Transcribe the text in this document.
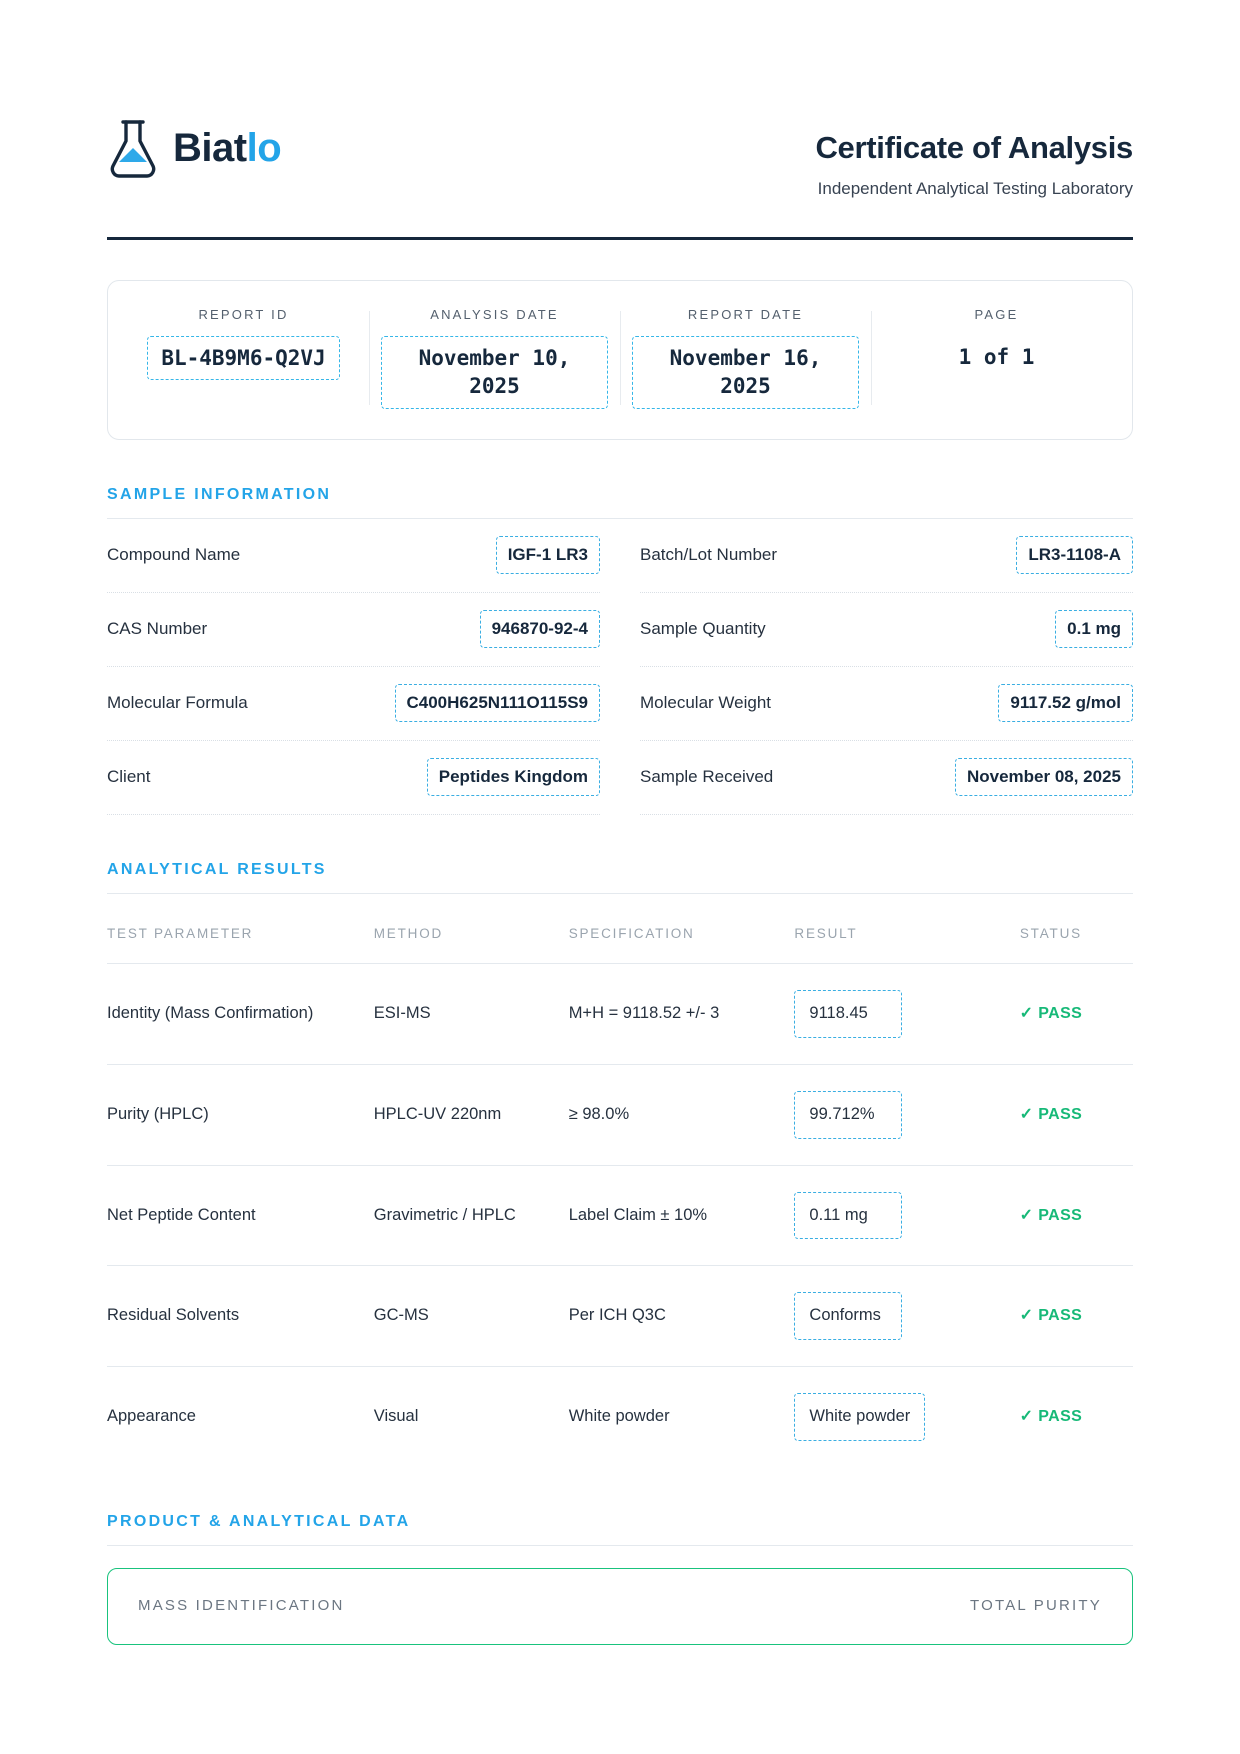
Biatlo	Certificate of Analysis
Independent Analytical Testing Laboratory
REPORT ID
BL-4B9M6-Q2VJ
ANALYSIS DATE
November 10, 2025
REPORT DATE
November 16, 2025
PAGE
1 of 1
SAMPLE INFORMATION
Compound Name	IGF-1 LR3	Batch/Lot Number	LR3-1108-A
CAS Number	946870-92-4	Sample Quantity	0.1 mg
Molecular Formula	C400H625N111O115S9	Molecular Weight	9117.52 g/mol
Client	Peptides Kingdom	Sample Received	November 08, 2025
ANALYTICAL RESULTS
TEST PARAMETER	METHOD	SPECIFICATION	RESULT	STATUS
Identity (Mass Confirmation)	ESI-MS	M+H = 9118.52 +/- 3	9118.45	✓ PASS
Purity (HPLC)	HPLC-UV 220nm	≥ 98.0%	99.712%	✓ PASS
Net Peptide Content	Gravimetric / HPLC	Label Claim ± 10%	0.11 mg	✓ PASS
Residual Solvents	GC-MS	Per ICH Q3C	Conforms	✓ PASS
Appearance	Visual	White powder	White powder	✓ PASS
PRODUCT & ANALYTICAL DATA
MASS IDENTIFICATION	TOTAL PURITY
